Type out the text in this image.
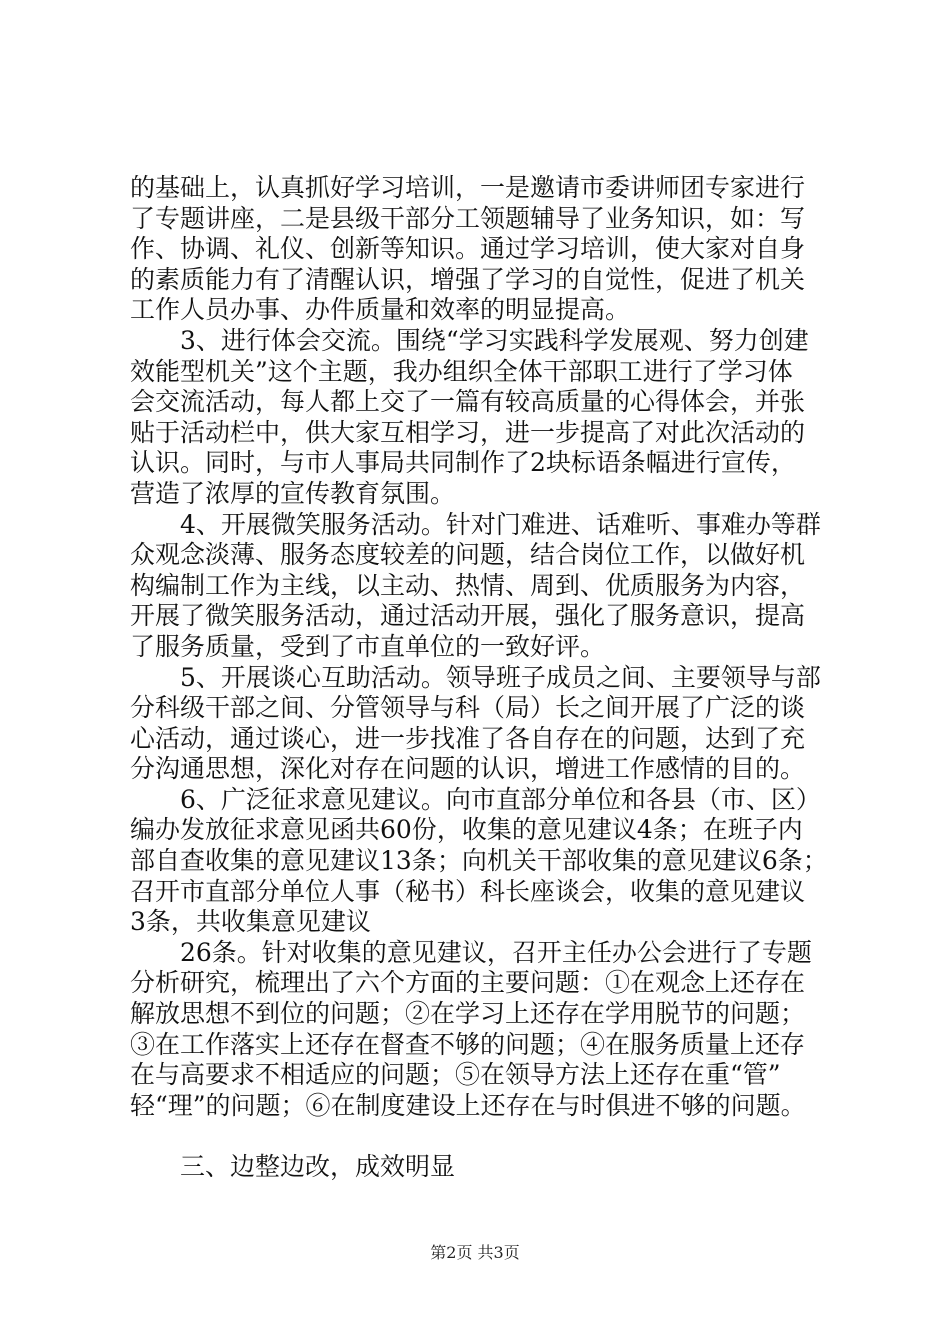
的基础上，认真抓好学习培训，一是邀请市委讲师团专家进行
了专题讲座，二是县级干部分工领题辅导了业务知识，如：写
作、协调、礼仪、创新等知识。通过学习培训，使大家对自身
的素质能力有了清醒认识，增强了学习的自觉性，促进了机关
工作人员办事、办件质量和效率的明显提高。
3、进行体会交流。围绕“学习实践科学发展观、努力创建
效能型机关”这个主题，我办组织全体干部职工进行了学习体
会交流活动，每人都上交了一篇有较高质量的心得体会，并张
贴于活动栏中，供大家互相学习，进一步提高了对此次活动的
认识。同时，与市人事局共同制作了2块标语条幅进行宣传，
营造了浓厚的宣传教育氛围。
4、开展微笑服务活动。针对门难进、话难听、事难办等群
众观念淡薄、服务态度较差的问题，结合岗位工作，以做好机
构编制工作为主线，以主动、热情、周到、优质服务为内容，
开展了微笑服务活动，通过活动开展，强化了服务意识，提高
了服务质量，受到了市直单位的一致好评。
5、开展谈心互助活动。领导班子成员之间、主要领导与部
分科级干部之间、分管领导与科（局）长之间开展了广泛的谈
心活动，通过谈心，进一步找准了各自存在的问题，达到了充
分沟通思想，深化对存在问题的认识，增进工作感情的目的。
6、广泛征求意见建议。向市直部分单位和各县（市、区）
编办发放征求意见函共60份，收集的意见建议4条；在班子内
部自查收集的意见建议13条；向机关干部收集的意见建议6条；
召开市直部分单位人事（秘书）科长座谈会，收集的意见建议
3条，共收集意见建议
26条。针对收集的意见建议，召开主任办公会进行了专题
分析研究，梳理出了六个方面的主要问题：①在观念上还存在
解放思想不到位的问题；②在学习上还存在学用脱节的问题；
③在工作落实上还存在督查不够的问题；④在服务质量上还存
在与高要求不相适应的问题；⑤在领导方法上还存在重“管”
轻“理”的问题；⑥在制度建设上还存在与时俱进不够的问题。
三、边整边改，成效明显
第2页 共3页
